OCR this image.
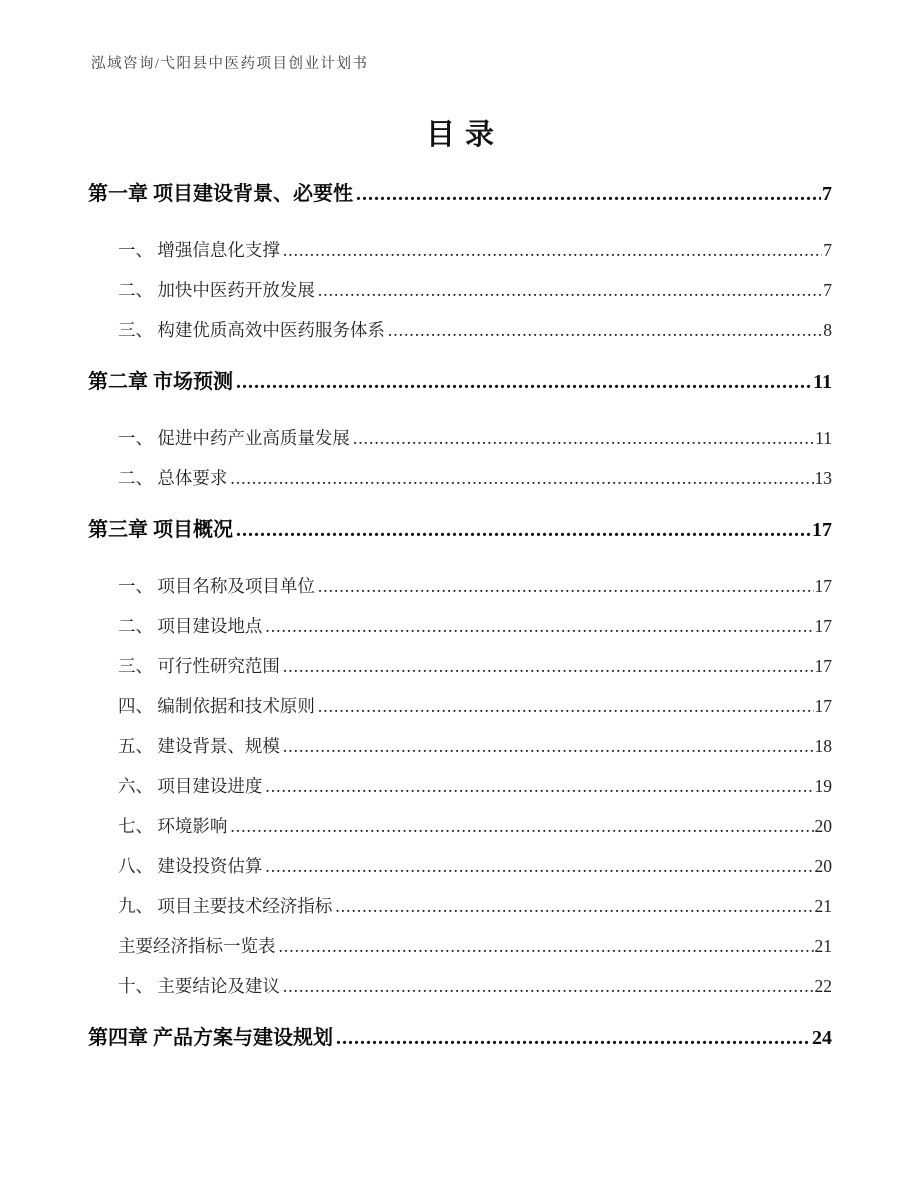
泓域咨询/弋阳县中医药项目创业计划书
目录
第一章 项目建设背景、必要性 .....	7
一、 增强信息化支撑 .....	7
二、 加快中医药开放发展 .....	7
三、 构建优质高效中医药服务体系 .....	8
第二章 市场预测 .....	11
一、 促进中药产业高质量发展 .....	11
二、 总体要求 .....	13
第三章 项目概况 .....	17
一、 项目名称及项目单位 .....	17
二、 项目建设地点 .....	17
三、 可行性研究范围 .....	17
四、 编制依据和技术原则 .....	17
五、 建设背景、规模 .....	18
六、 项目建设进度 .....	19
七、 环境影响 .....	20
八、 建设投资估算 .....	20
九、 项目主要技术经济指标 .....	21
主要经济指标一览表 .....	21
十、 主要结论及建议 .....	22
第四章 产品方案与建设规划 .....	24
